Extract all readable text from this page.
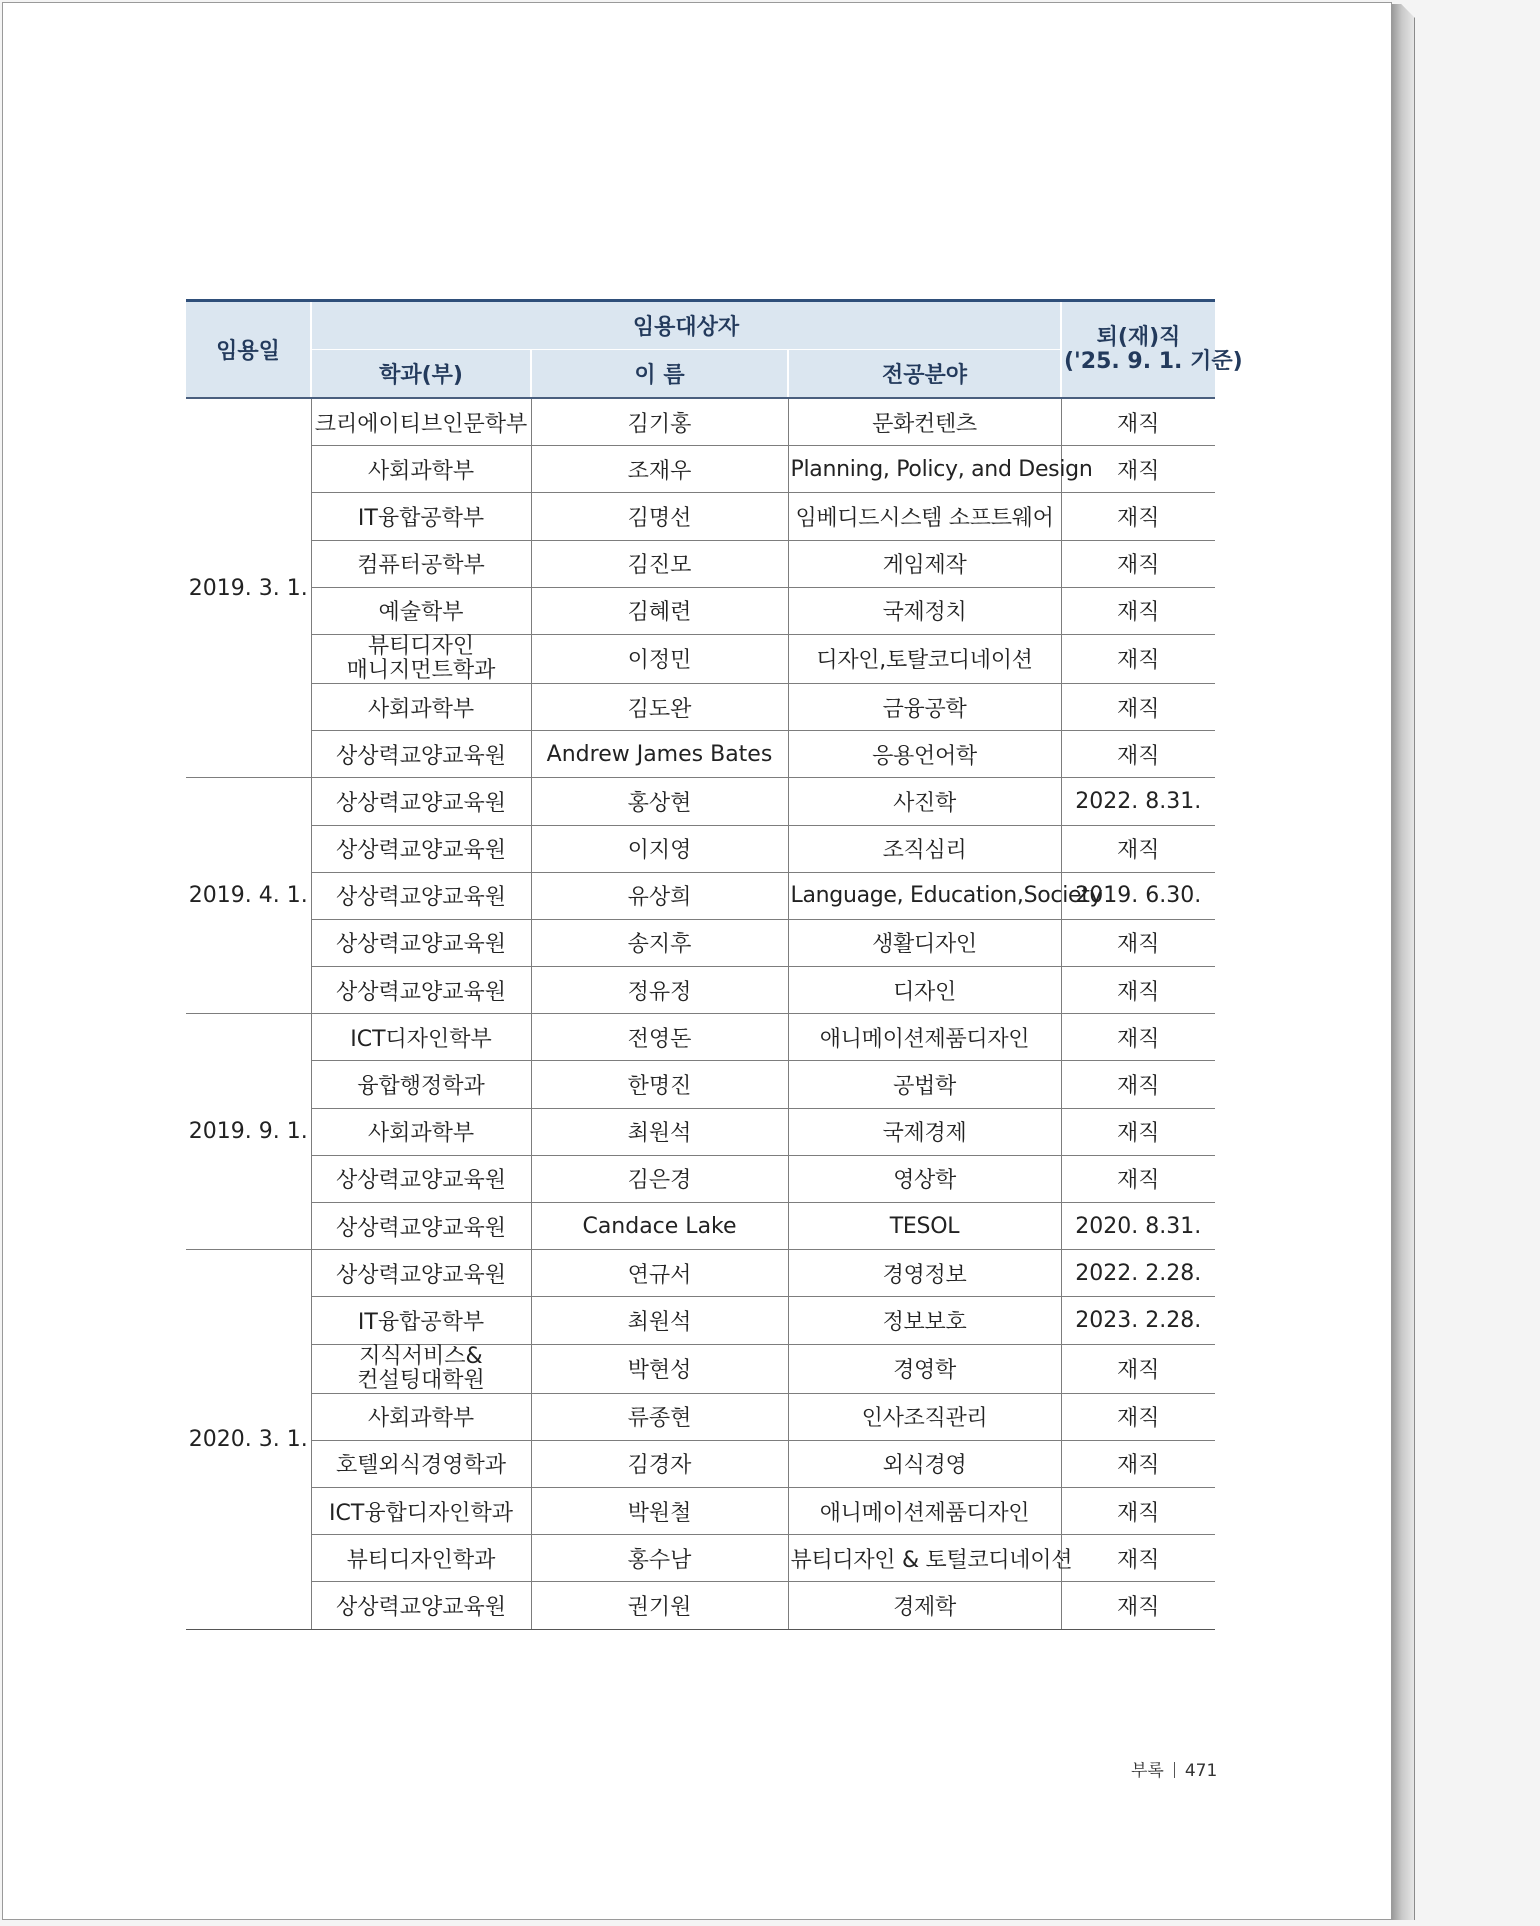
임용일	임용대상자			퇴(재)직
('25. 9. 1. 기준)

	학과(부)	이 름	전공분야	
2019. 3. 1.	크리에이티브인문학부	김기홍	문화컨텐츠	재직
	사회과학부	조재우	Planning, Policy, and Design	재직
	IT융합공학부	김명선	임베디드시스템 소프트웨어	재직
	컴퓨터공학부	김진모	게임제작	재직
	예술학부	김혜련	국제정치	재직

	뷰티디자인
매니지먼트학과	이정민	디자인,토탈코디네이션	재직
	사회과학부	김도완	금융공학	재직
	상상력교양교육원	Andrew James Bates	응용언어학	재직
2019. 4. 1.	상상력교양교육원	홍상현	사진학	2022. 8.31.
	상상력교양교육원	이지영	조직심리	재직
	상상력교양교육원	유상희	Language, Education,Society	2019. 6.30.
	상상력교양교육원	송지후	생활디자인	재직
	상상력교양교육원	정유정	디자인	재직
2019. 9. 1.	ICT디자인학부	전영돈	애니메이션제품디자인	재직
	융합행정학과	한명진	공법학	재직
	사회과학부	최원석	국제경제	재직
	상상력교양교육원	김은경	영상학	재직
	상상력교양교육원	Candace Lake	TESOL	2020. 8.31.
2020. 3. 1.	상상력교양교육원	연규서	경영정보	2022. 2.28.
	IT융합공학부	최원석	정보보호	2023. 2.28.

	지식서비스&
컨설팅대학원	박현성	경영학	재직
	사회과학부	류종현	인사조직관리	재직
	호텔외식경영학과	김경자	외식경영	재직
	ICT융합디자인학과	박원철	애니메이션제품디자인	재직
	뷰티디자인학과	홍수남	뷰티디자인 & 토털코디네이션	재직
	상상력교양교육원	권기원	경제학	재직
부록 471
